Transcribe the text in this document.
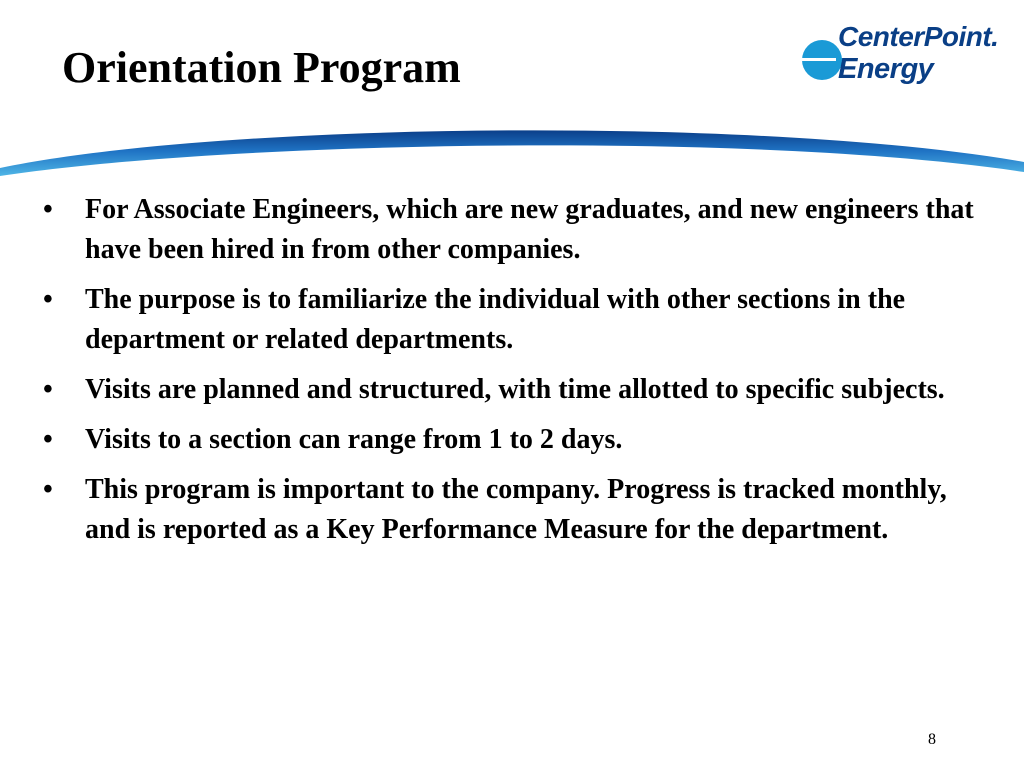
Orientation Program
CenterPoint.
Energy
• For Associate Engineers, which are new graduates, and new engineers that have been hired in from other companies.
• The purpose is to familiarize the individual with other sections in the department or related departments.
• Visits are planned and structured, with time allotted to specific subjects.
• Visits to a section can range from 1 to 2 days.
• This program is important to the company. Progress is tracked monthly, and is reported as a Key Performance Measure for the department.
8
